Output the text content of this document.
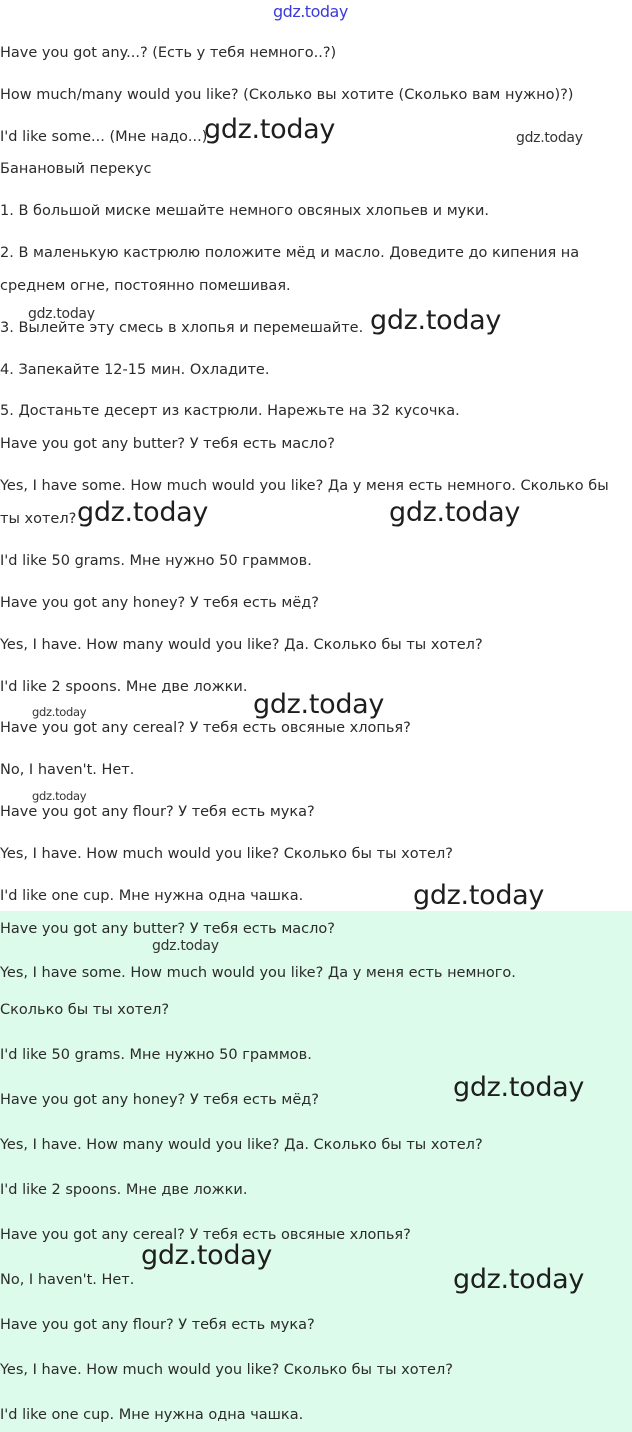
gdz.today

Have you got any...? (Есть у тебя немного..?)

How much/many would you like? (Сколько вы хотите (Сколько вам нужно)?)

I'd like some... (Мне надо...)

Банановый перекус

1. В большой миске мешайте немного овсяных хлопьев и муки.

2. В маленькую кастрюлю положите мёд и масло. Доведите до кипения на

среднем огне, постоянно помешивая.

3. Вылейте эту смесь в хлопья и перемешайте.

4. Запекайте 12-15 мин. Охладите.

5. Достаньте десерт из кастрюли. Нарежьте на 32 кусочка.

Have you got any butter? У тебя есть масло?

Yes, I have some. How much would you like? Да у меня есть немного. Сколько бы

ты хотел?

I'd like 50 grams. Мне нужно 50 граммов.

Have you got any honey? У тебя есть мёд?

Yes, I have. How many would you like? Да. Сколько бы ты хотел?

I'd like 2 spoons. Мне две ложки.

Have you got any cereal? У тебя есть овсяные хлопья?

No, I haven't. Нет.

Have you got any flour? У тебя есть мука?

Yes, I have. How much would you like? Сколько бы ты хотел?

I'd like one cup. Мне нужна одна чашка.

Have you got any butter? У тебя есть масло?

Yes, I have some. How much would you like? Да у меня есть немного.

Сколько бы ты хотел?

I'd like 50 grams. Мне нужно 50 граммов.

Have you got any honey? У тебя есть мёд?

Yes, I have. How many would you like? Да. Сколько бы ты хотел?

I'd like 2 spoons. Мне две ложки.

Have you got any cereal? У тебя есть овсяные хлопья?

No, I haven't. Нет.

Have you got any flour? У тебя есть мука?

Yes, I have. How much would you like? Сколько бы ты хотел?

I'd like one cup. Мне нужна одна чашка.

gdz.today	gdz.today
gdz.today	gdz.today
gdz.today	gdz.today
gdz.today
gdz.today
gdz.today
gdz.today
gdz.today
gdz.today
gdz.today
gdz.today
